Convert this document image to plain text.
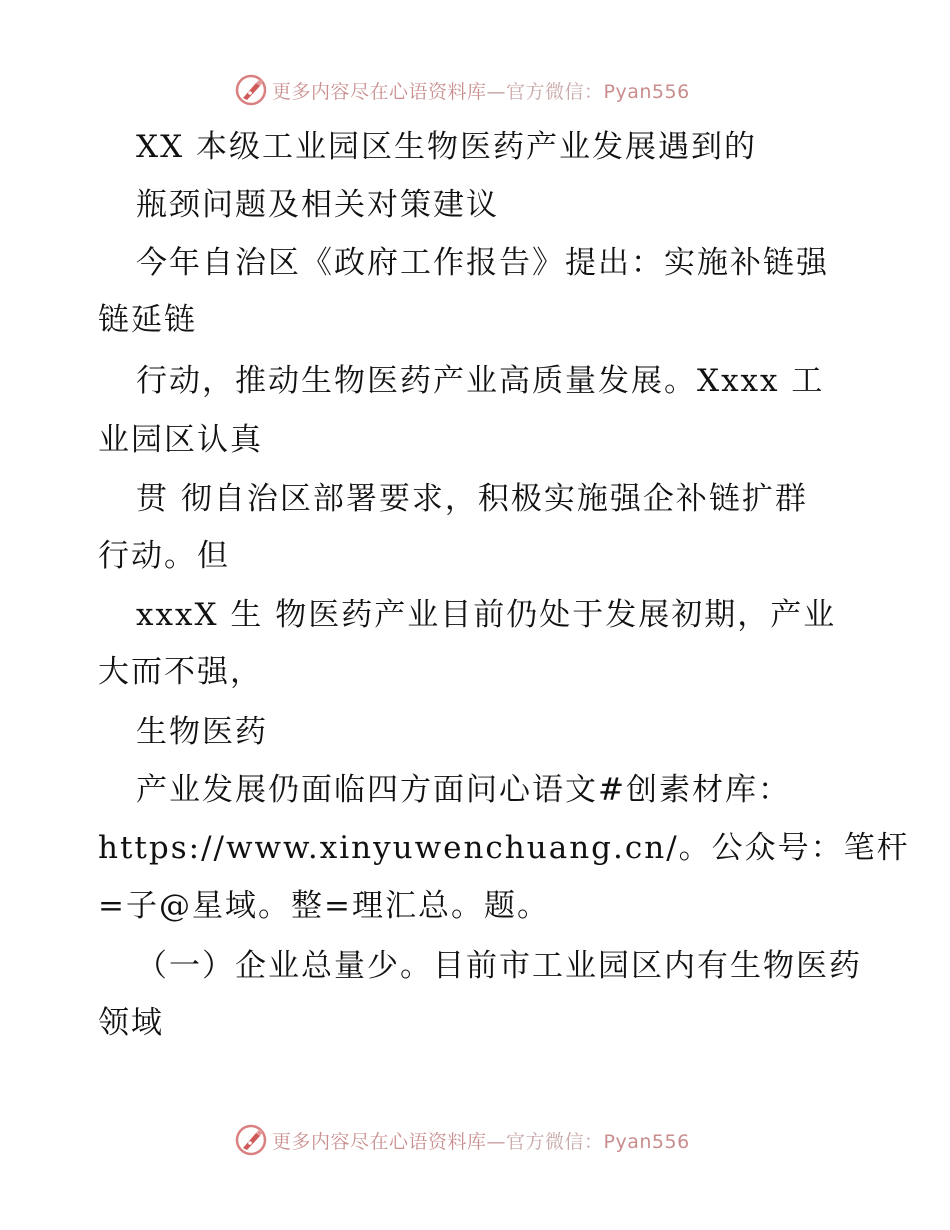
更多内容尽在心语资料库—官方微信：Pyan556
XX 本级工业园区生物医药产业发展遇到的
瓶颈问题及相关对策建议
今年自治区《政府工作报告》提出：实施补链强
链延链
行动，推动生物医药产业高质量发展。Xxxx 工
业园区认真
贯 彻自治区部署要求，积极实施强企补链扩群
行动。但
xxxX 生 物医药产业目前仍处于发展初期，产业
大而不强，
生物医药
产业发展仍面临四方面问心语文#创素材库：
https://www.xinyuwenchuang.cn/。公众号：笔杆
=子@星域。整=理汇总。题。
（一）企业总量少。目前市工业园区内有生物医药
领域
更多内容尽在心语资料库—官方微信：Pyan556
